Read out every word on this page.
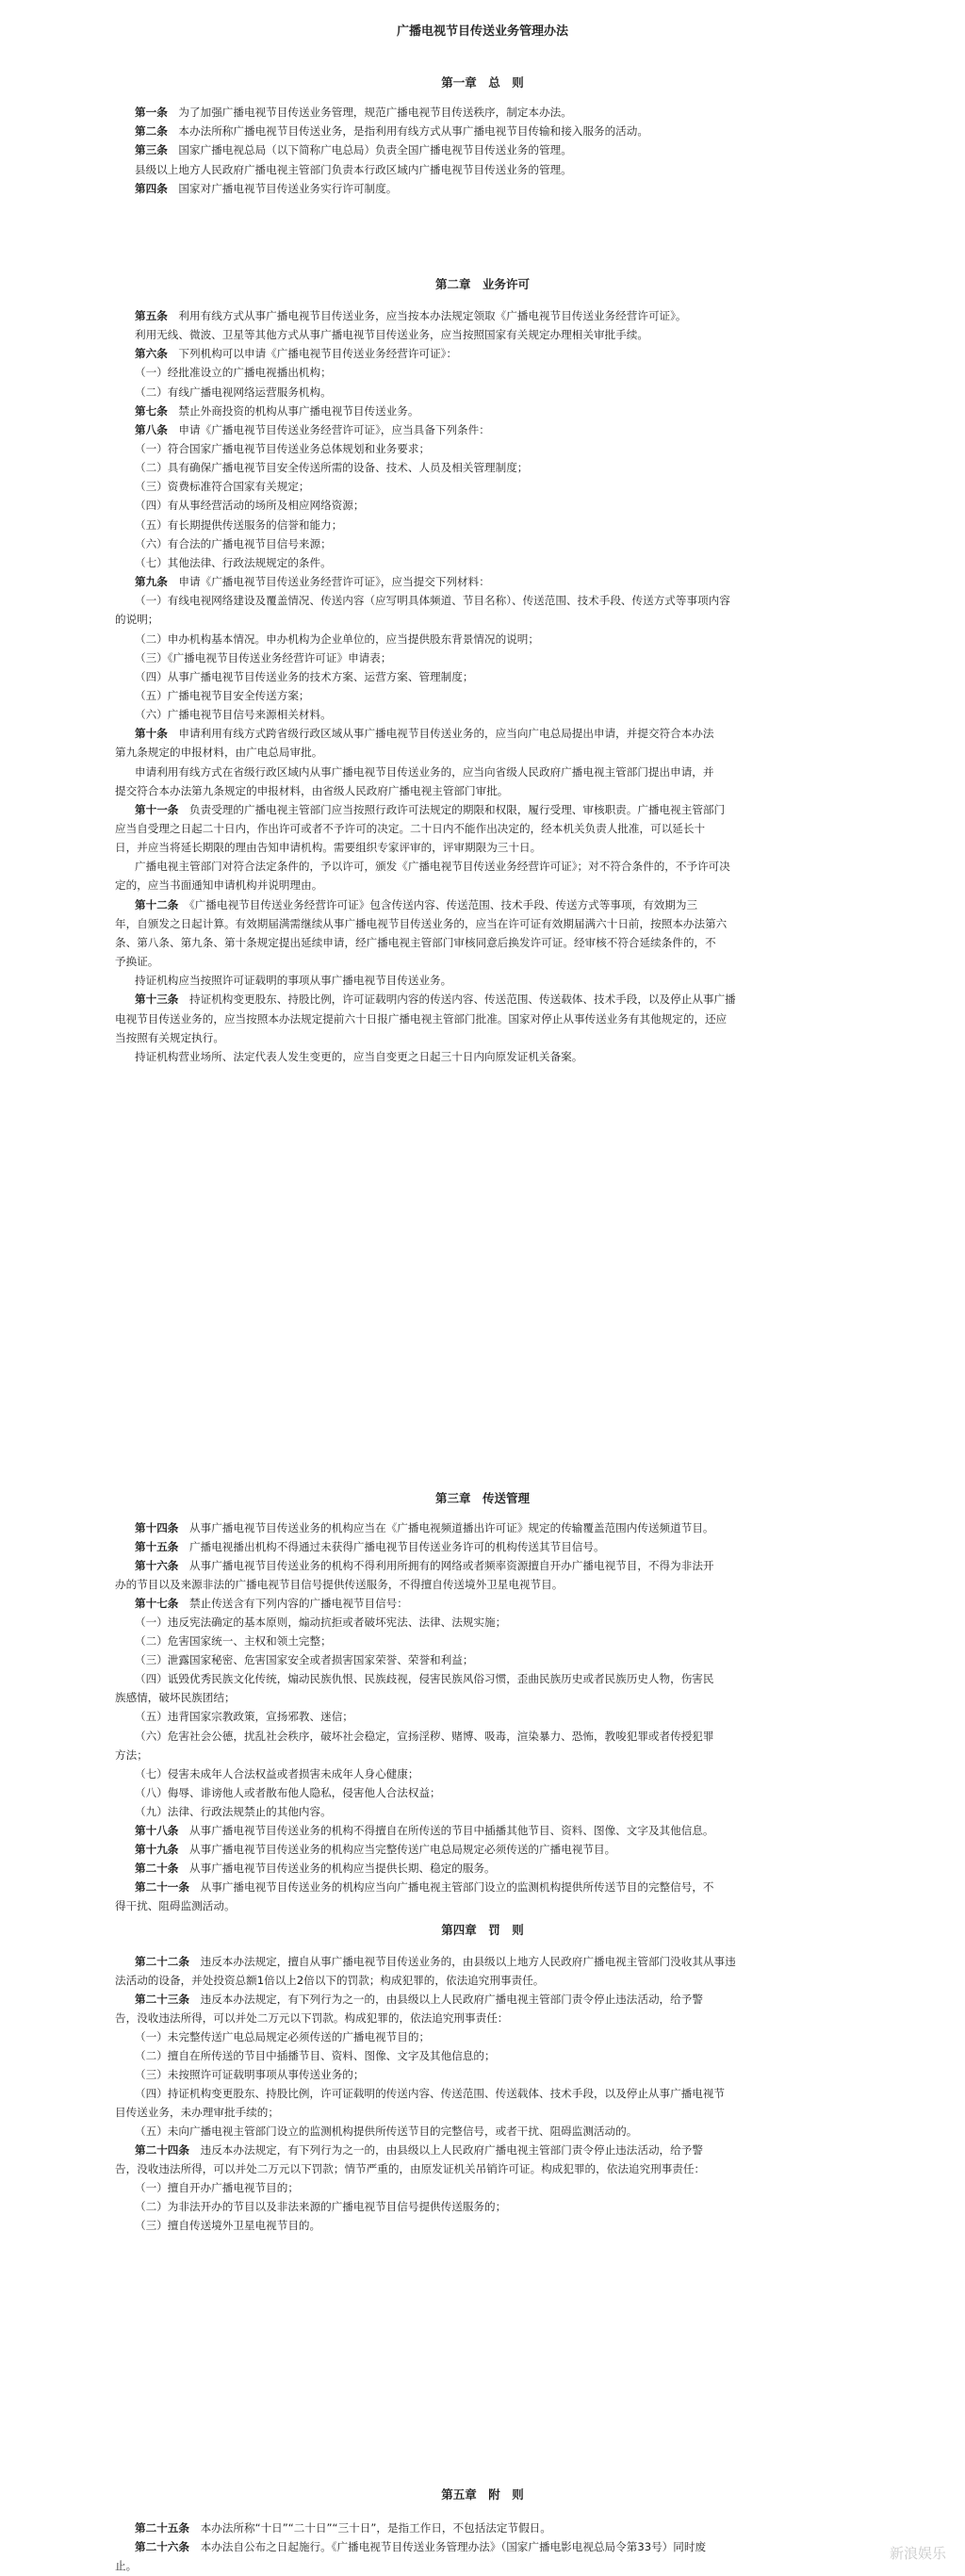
广播电视节目传送业务管理办法
第一章　总　则
第一条　 为了加强广播电视节目传送业务管理，规范广播电视节目传送秩序，制定本办法。
第二条　 本办法所称广播电视节目传送业务，是指利用有线方式从事广播电视节目传输和接入服务的活动。
第三条　 国家广播电视总局（以下简称广电总局）负责全国广播电视节目传送业务的管理。
县级以上地方人民政府广播电视主管部门负责本行政区域内广播电视节目传送业务的管理。
第四条　 国家对广播电视节目传送业务实行许可制度。
第二章　业务许可
第五条　 利用有线方式从事广播电视节目传送业务，应当按本办法规定领取《广播电视节目传送业务经营许可证》。
利用无线、微波、卫星等其他方式从事广播电视节目传送业务，应当按照国家有关规定办理相关审批手续。
第六条　 下列机构可以申请《广播电视节目传送业务经营许可证》：
（一）经批准设立的广播电视播出机构；
（二）有线广播电视网络运营服务机构。
第七条　 禁止外商投资的机构从事广播电视节目传送业务。
第八条　 申请《广播电视节目传送业务经营许可证》，应当具备下列条件：
（一）符合国家广播电视节目传送业务总体规划和业务要求；
（二）具有确保广播电视节目安全传送所需的设备、技术、人员及相关管理制度；
（三）资费标准符合国家有关规定；
（四）有从事经营活动的场所及相应网络资源；
（五）有长期提供传送服务的信誉和能力；
（六）有合法的广播电视节目信号来源；
（七）其他法律、行政法规规定的条件。
第九条　 申请《广播电视节目传送业务经营许可证》，应当提交下列材料：
（一）有线电视网络建设及覆盖情况、传送内容（应写明具体频道、节目名称）、传送范围、技术手段、传送方式等事项内容
的说明；
（二）申办机构基本情况。申办机构为企业单位的，应当提供股东背景情况的说明；
（三）《广播电视节目传送业务经营许可证》申请表；
（四）从事广播电视节目传送业务的技术方案、运营方案、管理制度；
（五）广播电视节目安全传送方案；
（六）广播电视节目信号来源相关材料。
第十条　 申请利用有线方式跨省级行政区域从事广播电视节目传送业务的，应当向广电总局提出申请，并提交符合本办法
第九条规定的申报材料，由广电总局审批。
申请利用有线方式在省级行政区域内从事广播电视节目传送业务的，应当向省级人民政府广播电视主管部门提出申请，并
提交符合本办法第九条规定的申报材料，由省级人民政府广播电视主管部门审批。
第十一条　 负责受理的广播电视主管部门应当按照行政许可法规定的期限和权限，履行受理、审核职责。广播电视主管部门
应当自受理之日起二十日内，作出许可或者不予许可的决定。二十日内不能作出决定的，经本机关负责人批准，可以延长十
日，并应当将延长期限的理由告知申请机构。需要组织专家评审的，评审期限为三十日。
广播电视主管部门对符合法定条件的，予以许可，颁发《广播电视节目传送业务经营许可证》；对不符合条件的，不予许可决
定的，应当书面通知申请机构并说明理由。
第十二条　 《广播电视节目传送业务经营许可证》包含传送内容、传送范围、技术手段、传送方式等事项，有效期为三
年，自颁发之日起计算。有效期届满需继续从事广播电视节目传送业务的，应当在许可证有效期届满六十日前，按照本办法第六
条、第八条、第九条、第十条规定提出延续申请，经广播电视主管部门审核同意后换发许可证。经审核不符合延续条件的，不
予换证。
持证机构应当按照许可证载明的事项从事广播电视节目传送业务。
第十三条　 持证机构变更股东、持股比例，许可证载明内容的传送内容、传送范围、传送载体、技术手段，以及停止从事广播
电视节目传送业务的，应当按照本办法规定提前六十日报广播电视主管部门批准。国家对停止从事传送业务有其他规定的，还应
当按照有关规定执行。
持证机构营业场所、法定代表人发生变更的，应当自变更之日起三十日内向原发证机关备案。
第三章　传送管理
第十四条　 从事广播电视节目传送业务的机构应当在《广播电视频道播出许可证》规定的传输覆盖范围内传送频道节目。
第十五条　 广播电视播出机构不得通过未获得广播电视节目传送业务许可的机构传送其节目信号。
第十六条　 从事广播电视节目传送业务的机构不得利用所拥有的网络或者频率资源擅自开办广播电视节目，不得为非法开
办的节目以及来源非法的广播电视节目信号提供传送服务，不得擅自传送境外卫星电视节目。
第十七条　 禁止传送含有下列内容的广播电视节目信号：
（一）违反宪法确定的基本原则，煽动抗拒或者破坏宪法、法律、法规实施；
（二）危害国家统一、主权和领土完整；
（三）泄露国家秘密、危害国家安全或者损害国家荣誉、荣誉和利益；
（四）诋毁优秀民族文化传统，煽动民族仇恨、民族歧视，侵害民族风俗习惯，歪曲民族历史或者民族历史人物，伤害民
族感情，破坏民族团结；
（五）违背国家宗教政策，宣扬邪教、迷信；
（六）危害社会公德，扰乱社会秩序，破坏社会稳定，宣扬淫秽、赌博、吸毒，渲染暴力、恐怖，教唆犯罪或者传授犯罪
方法；
（七）侵害未成年人合法权益或者损害未成年人身心健康；
（八）侮辱、诽谤他人或者散布他人隐私，侵害他人合法权益；
（九）法律、行政法规禁止的其他内容。
第十八条　 从事广播电视节目传送业务的机构不得擅自在所传送的节目中插播其他节目、资料、图像、文字及其他信息。
第十九条　 从事广播电视节目传送业务的机构应当完整传送广电总局规定必须传送的广播电视节目。
第二十条　 从事广播电视节目传送业务的机构应当提供长期、稳定的服务。
第二十一条　 从事广播电视节目传送业务的机构应当向广播电视主管部门设立的监测机构提供所传送节目的完整信号，不
得干扰、阻碍监测活动。
第四章　罚　则
第二十二条　 违反本办法规定，擅自从事广播电视节目传送业务的，由县级以上地方人民政府广播电视主管部门没收其从事违
法活动的设备，并处投资总额1倍以上2倍以下的罚款；构成犯罪的，依法追究刑事责任。
第二十三条　 违反本办法规定，有下列行为之一的，由县级以上人民政府广播电视主管部门责令停止违法活动，给予警
告，没收违法所得，可以并处二万元以下罚款。构成犯罪的，依法追究刑事责任：
（一）未完整传送广电总局规定必须传送的广播电视节目的；
（二）擅自在所传送的节目中插播节目、资料、图像、文字及其他信息的；
（三）未按照许可证载明事项从事传送业务的；
（四）持证机构变更股东、持股比例，许可证载明的传送内容、传送范围、传送载体、技术手段，以及停止从事广播电视节
目传送业务，未办理审批手续的；
（五）未向广播电视主管部门设立的监测机构提供所传送节目的完整信号，或者干扰、阻碍监测活动的。
第二十四条　 违反本办法规定，有下列行为之一的，由县级以上人民政府广播电视主管部门责令停止违法活动，给予警
告，没收违法所得，可以并处二万元以下罚款；情节严重的，由原发证机关吊销许可证。构成犯罪的，依法追究刑事责任：
（一）擅自开办广播电视节目的；
（二）为非法开办的节目以及非法来源的广播电视节目信号提供传送服务的；
（三）擅自传送境外卫星电视节目的。
第五章　附　则
第二十五条　 本办法所称“十日”“二十日”“三十日”，是指工作日，不包括法定节假日。
第二十六条　 本办法自公布之日起施行。《广播电视节目传送业务管理办法》（国家广播电影电视总局令第33号）同时废
止。
新浪娱乐
